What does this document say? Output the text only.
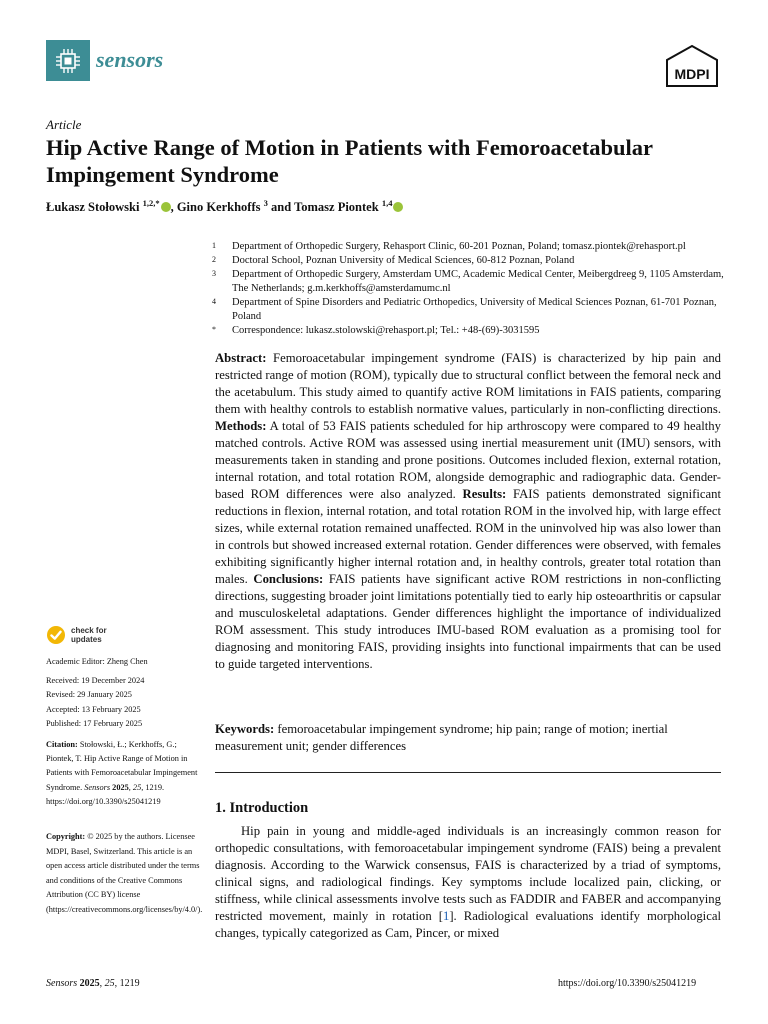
sensors
MDPI
Article
Hip Active Range of Motion in Patients with Femoroacetabular Impingement Syndrome
Łukasz Stołowski $^{1,2,*}$ , Gino Kerkhoffs $^3$ and Tomasz Piontek $^{1,4}$
1	Department of Orthopedic Surgery, Rehasport Clinic, 60-201 Poznan, Poland; tomasz.piontek@rehasport.pl
2	Doctoral School, Poznan University of Medical Sciences, 60-812 Poznan, Poland
3	Department of Orthopedic Surgery, Amsterdam UMC, Academic Medical Center, Meibergdreeg 9, 1105 Amsterdam, The Netherlands; g.m.kerkhoffs@amsterdamumc.nl
4	Department of Spine Disorders and Pediatric Orthopedics, University of Medical Sciences Poznan, 61-701 Poznan, Poland
*	Correspondence: lukasz.stolowski@rehasport.pl; Tel.: +48-(69)-3031595
Abstract: Femoroacetabular impingement syndrome (FAIS) is characterized by hip pain and restricted range of motion (ROM), typically due to structural conflict between the femoral neck and the acetabulum. This study aimed to quantify active ROM limitations in FAIS patients, comparing them with healthy controls to establish normative values, particularly in non-conflicting directions. Methods: A total of 53 FAIS patients scheduled for hip arthroscopy were compared to 49 healthy matched controls. Active ROM was assessed using inertial measurement unit (IMU) sensors, with measurements taken in standing and prone positions. Outcomes included flexion, external rotation, internal rotation, and total rotation ROM, alongside demographic and radiographic data. Gender-based ROM differences were also analyzed. Results: FAIS patients demonstrated significant reductions in flexion, internal rotation, and total rotation ROM in the involved hip, with large effect sizes, while external rotation remained unaffected. ROM in the uninvolved hip was also lower than in controls but showed increased external rotation. Gender differences were observed, with females exhibiting significantly higher internal rotation and, in healthy controls, greater total rotation than males. Conclusions: FAIS patients have significant active ROM restrictions in non-conflicting directions, suggesting broader joint limitations potentially tied to early hip osteoarthritis or capsular and musculoskeletal adaptations. Gender differences highlight the importance of individualized ROM assessment. This study introduces IMU-based ROM evaluation as a promising tool for diagnosing and monitoring FAIS, providing insights into functional impairments that can be used to guide targeted interventions.
Keywords: femoroacetabular impingement syndrome; hip pain; range of motion; inertial measurement unit; gender differences
1. Introduction
Hip pain in young and middle-aged individuals is an increasingly common reason for orthopedic consultations, with femoroacetabular impingement syndrome (FAIS) being a prevalent diagnosis. According to the Warwick consensus, FAIS is characterized by a triad of symptoms, clinical signs, and radiological findings. Key symptoms include localized pain, clicking, or stiffness, while clinical assessments involve tests such as FADDIR and FABER and accompanying restricted movement, mainly in rotation [1]. Radiological evaluations identify morphological changes, typically categorized as Cam, Pincer, or mixed
check for
updates
Academic Editor: Zheng Chen
Received: 19 December 2024
Revised: 29 January 2025
Accepted: 13 February 2025
Published: 17 February 2025
Citation: Stołowski, Ł.; Kerkhoffs, G.; Piontek, T. Hip Active Range of Motion in Patients with Femoroacetabular Impingement Syndrome. Sensors 2025, 25, 1219. https://doi.org/10.3390/s25041219
Copyright: © 2025 by the authors. Licensee MDPI, Basel, Switzerland. This article is an open access article distributed under the terms and conditions of the Creative Commons Attribution (CC BY) license (https://creativecommons.org/licenses/by/4.0/).
Sensors 2025, 25, 1219	https://doi.org/10.3390/s25041219
